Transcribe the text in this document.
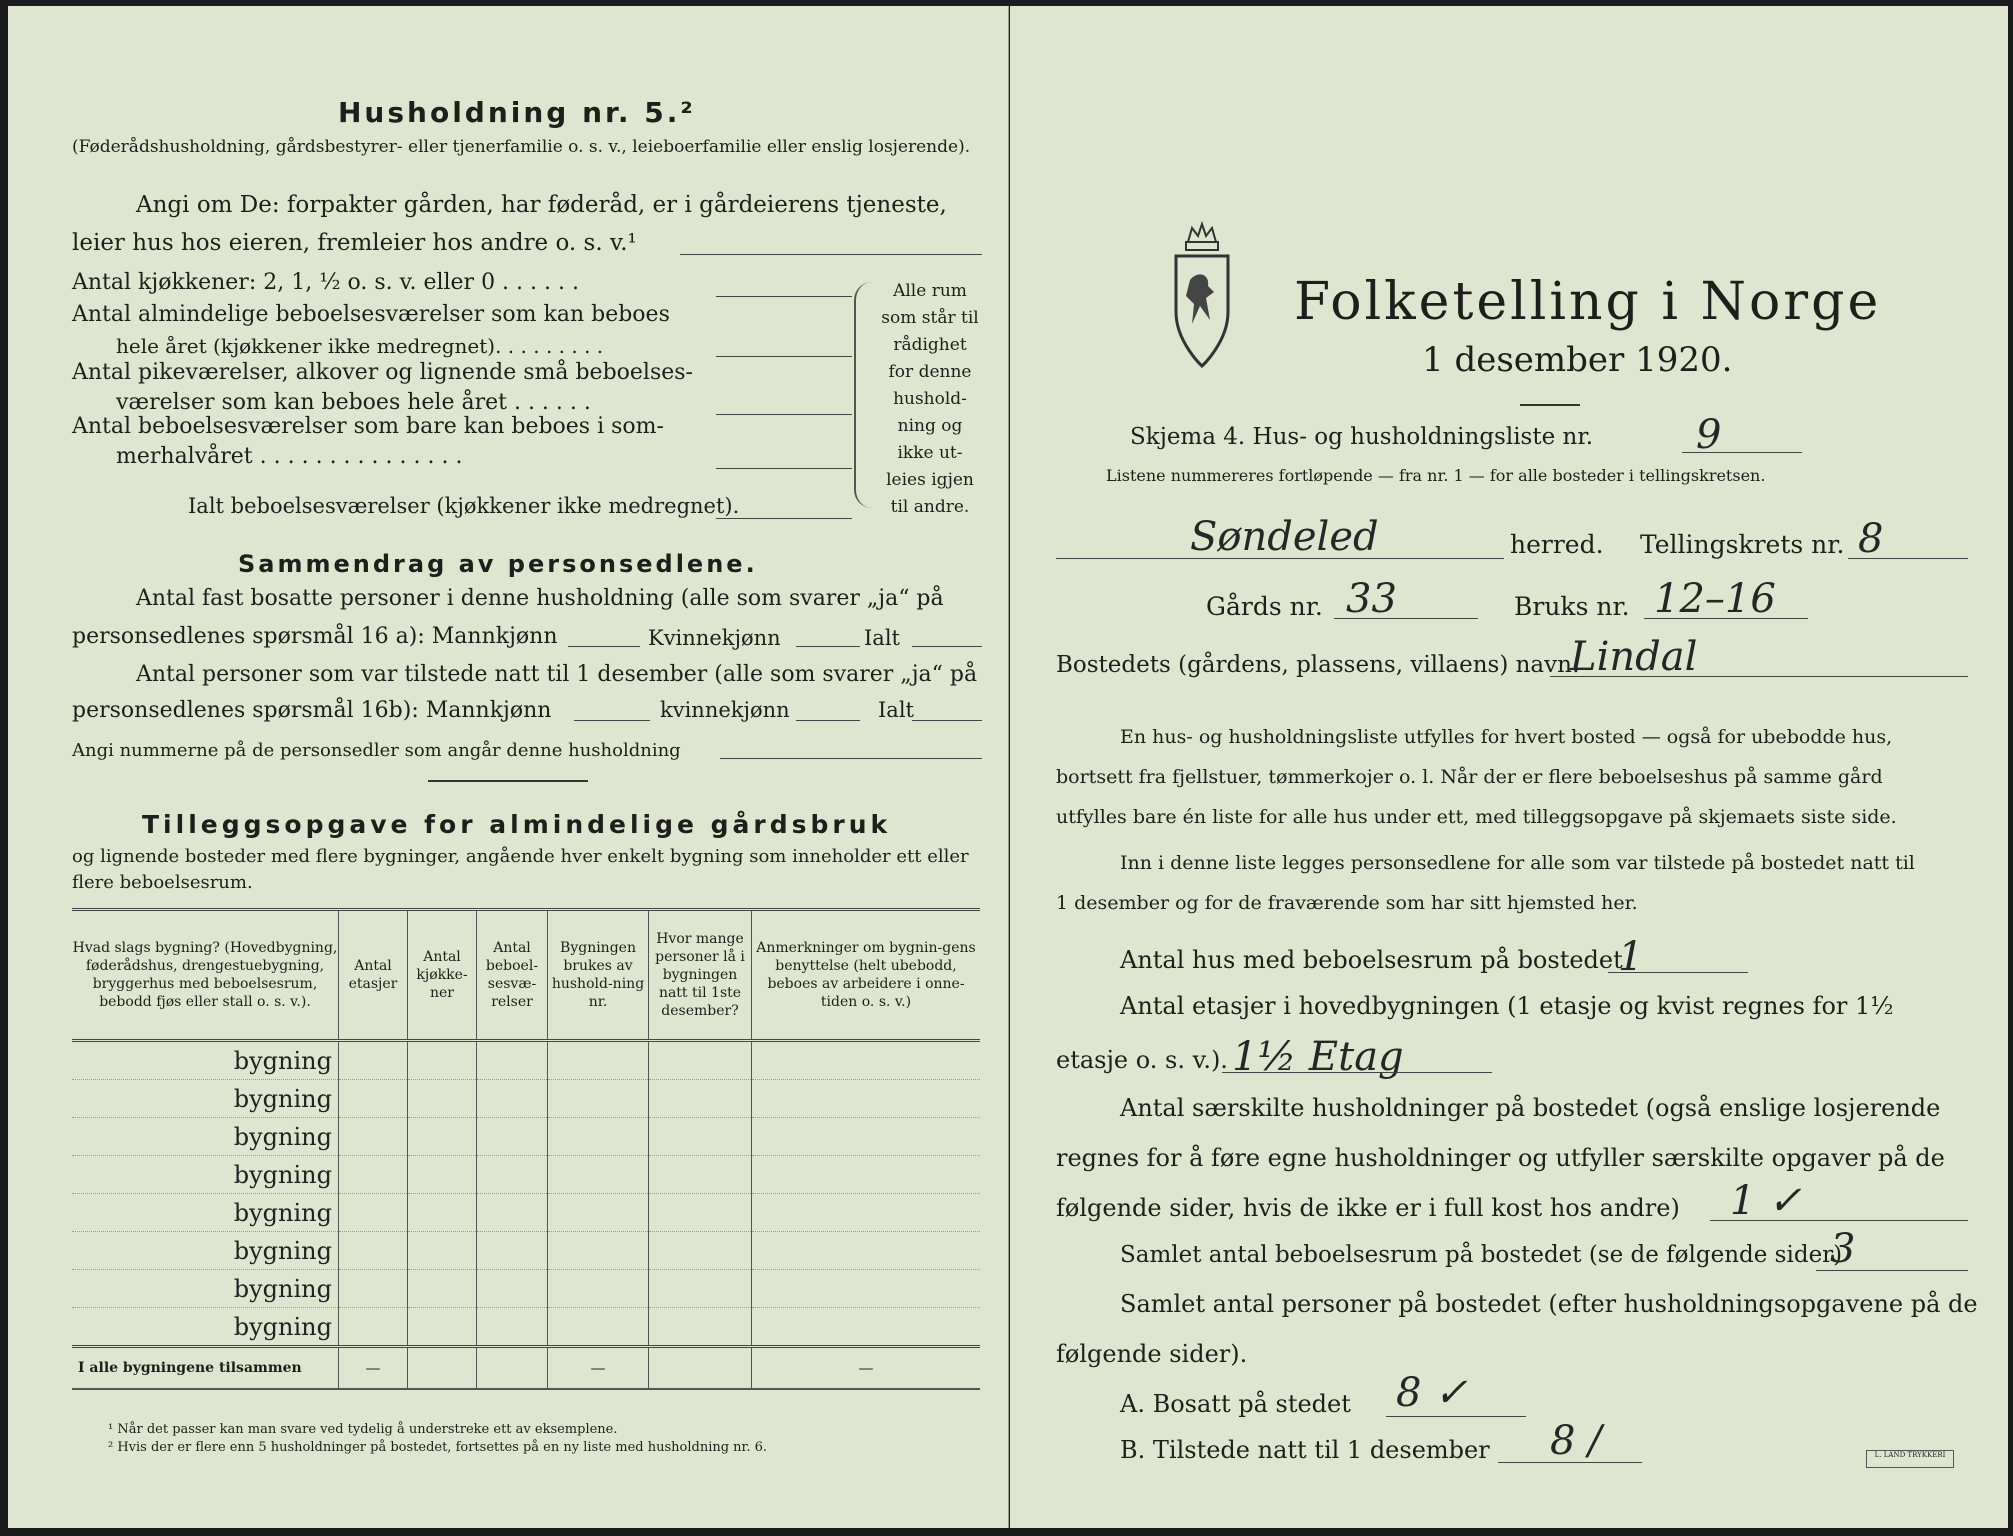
Husholdning nr. 5.²
(Føderådshusholdning, gårdsbestyrer- eller tjenerfamilie o. s. v., leieboerfamilie eller enslig losjerende).
Angi om De: forpakter gården, har føderåd, er i gårdeierens tjeneste,
leier hus hos eieren, fremleier hos andre o. s. v.¹
Antal kjøkkener: 2, 1, ½ o. s. v. eller 0 . . . . . .
Antal almindelige beboelsesværelser som kan beboes
hele året (kjøkkener ikke medregnet). . . . . . . . .
Antal pikeværelser, alkover og lignende små beboelses-
værelser som kan beboes hele året . . . . . .
Antal beboelsesværelser som bare kan beboes i som-
merhalvåret . . . . . . . . . . . . . . .
Ialt beboelsesværelser (kjøkkener ikke medregnet).
Alle rum
som står til
rådighet
for denne
hushold-
ning og
ikke ut-
leies igjen
til andre.
Sammendrag av personsedlene.
Antal fast bosatte personer i denne husholdning (alle som svarer „ja“ på
personsedlenes spørsmål 16 a): Mannkjønn	Kvinnekjønn	Ialt
Antal personer som var tilstede natt til 1 desember (alle som svarer „ja“ på
personsedlenes spørsmål 16b): Mannkjønn	kvinnekjønn	Ialt
Angi nummerne på de personsedler som angår denne husholdning
Tilleggsopgave for almindelige gårdsbruk
og lignende bosteder med flere bygninger, angående hver enkelt bygning som inneholder ett eller flere beboelsesrum.
Hvad slags bygning? (Hovedbygning, føderådshus, drengestuebygning, bryggerhus med beboelsesrum, bebodd fjøs eller stall o. s. v.).	Antal etasjer	Antal kjøkke-ner	Antal beboel-sesvæ-relser	Bygningen brukes av hushold-ning nr.	Hvor mange personer lå i bygningen natt til 1ste desember?	Anmerkninger om bygnin-gens benyttelse (helt ubebodd, beboes av arbeidere i onne-tiden o. s. v.)
bygning						
bygning						
bygning						
bygning						
bygning						
bygning						
bygning						
bygning						
I alle bygningene tilsammen	—			—		—
¹ Når det passer kan man svare ved tydelig å understreke ett av eksemplene.
² Hvis der er flere enn 5 husholdninger på bostedet, fortsettes på en ny liste med husholdning nr. 6.
Folketelling i Norge
1 desember 1920.
Skjema 4. Hus- og husholdningsliste nr.	9
Listene nummereres fortløpende — fra nr. 1 — for alle bosteder i tellingskretsen.
Søndeled	herred. Tellingskrets nr. 8
Gårds nr. 33	Bruks nr. 12–16
Bostedets (gårdens, plassens, villaens) navn:
Lindal
En hus- og husholdningsliste utfylles for hvert bosted — også for ubebodde hus,
bortsett fra fjellstuer, tømmerkojer o. l. Når der er flere beboelseshus på samme gård
utfylles bare én liste for alle hus under ett, med tilleggsopgave på skjemaets siste side.
Inn i denne liste legges personsedlene for alle som var tilstede på bostedet natt til
1 desember og for de fraværende som har sitt hjemsted her.
Antal hus med beboelsesrum på bostedet
1
Antal etasjer i hovedbygningen (1 etasje og kvist regnes for 1½
etasje o. s. v.). 1½ Etag
Antal særskilte husholdninger på bostedet (også enslige losjerende
regnes for å føre egne husholdninger og utfyller særskilte opgaver på de
følgende sider, hvis de ikke er i full kost hos andre) 1 ✓
Samlet antal beboelsesrum på bostedet (se de følgende sider)
3
Samlet antal personer på bostedet (efter husholdningsopgavene på de
følgende sider).
A. Bosatt på stedet 8 ✓
B. Tilstede natt til 1 desember 8 /	L. LAND TRYKKERI
